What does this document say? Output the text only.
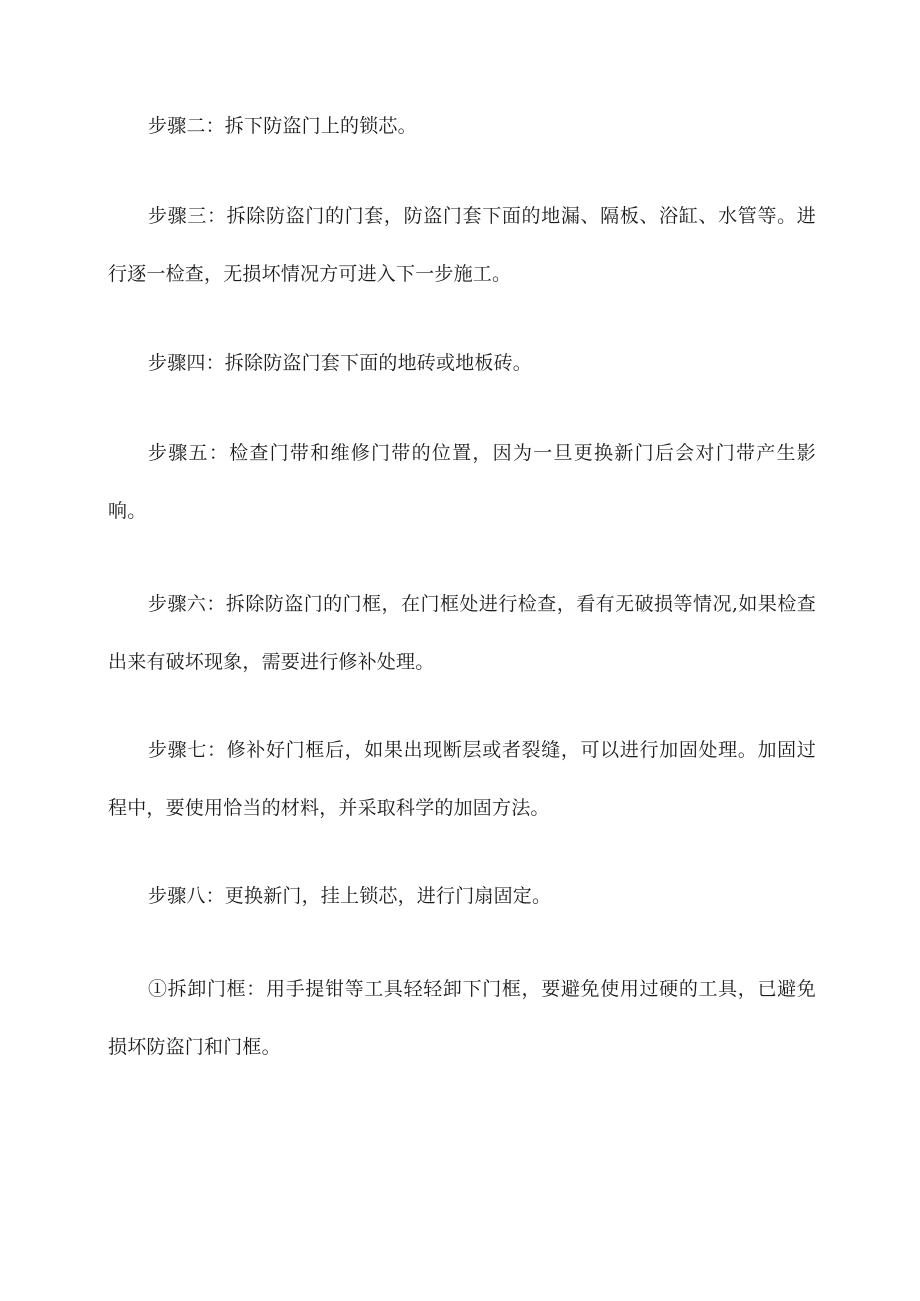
步骤二：拆下防盗门上的锁芯。

步骤三：拆除防盗门的门套，防盗门套下面的地漏、隔板、浴缸、水管等。进行逐一检查，无损坏情况方可进入下一步施工。

步骤四：拆除防盗门套下面的地砖或地板砖。

步骤五：检查门带和维修门带的位置，因为一旦更换新门后会对门带产生影响。

步骤六：拆除防盗门的门框，在门框处进行检查，看有无破损等情况,如果检查出来有破坏现象，需要进行修补处理。

步骤七：修补好门框后，如果出现断层或者裂缝，可以进行加固处理。加固过程中，要使用恰当的材料，并采取科学的加固方法。

步骤八：更换新门，挂上锁芯，进行门扇固定。

①拆卸门框：用手提钳等工具轻轻卸下门框，要避免使用过硬的工具，已避免损坏防盗门和门框。
